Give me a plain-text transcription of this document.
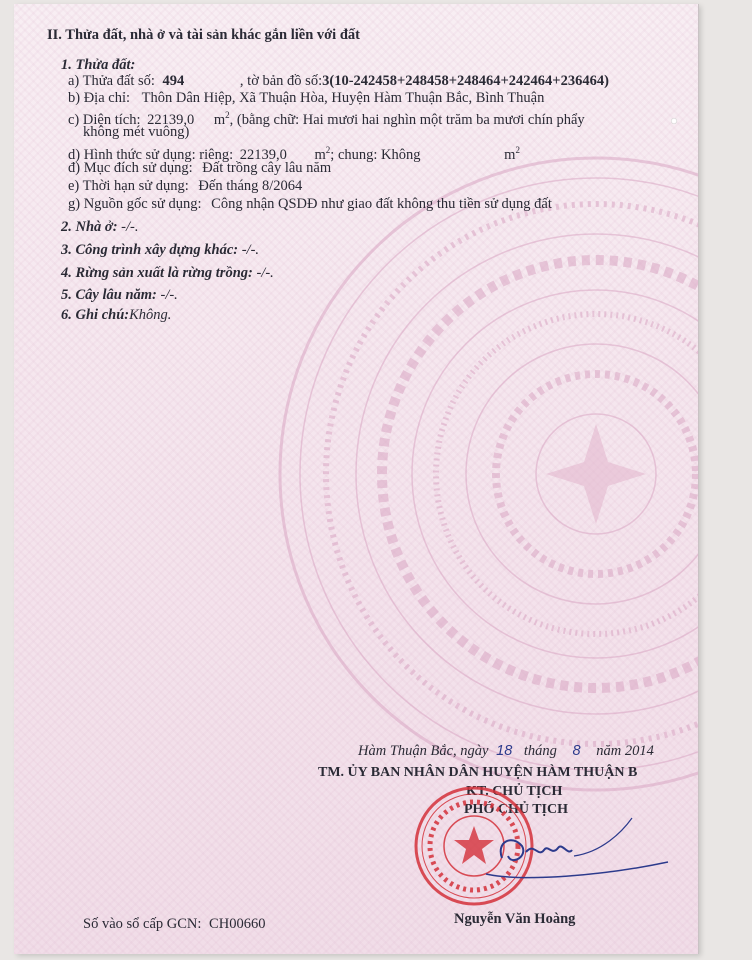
II. Thửa đất, nhà ở và tài sản khác gắn liền với đất
1. Thửa đất:
a) Thửa đất số: 494	, tờ bản đồ số:3(10-242458+248458+248464+242464+236464)
b) Địa chỉ: Thôn Dân Hiệp, Xã Thuận Hòa, Huyện Hàm Thuận Bắc, Bình Thuận
c) Diện tích: 22139,0 $m^2$, (bằng chữ: Hai mươi hai nghìn một trăm ba mươi chín phẩy
không mét vuông)
d) Hình thức sử dụng: riêng: 22139,0 $m^2$; chung: Không	$m^2$
đ) Mục đích sử dụng: Đất trồng cây lâu năm
e) Thời hạn sử dụng: Đến tháng 8/2064
g) Nguồn gốc sử dụng: Công nhận QSDĐ như giao đất không thu tiền sử dụng đất
2. Nhà ở: -/-.
3. Công trình xây dựng khác: -/-.
4. Rừng sản xuất là rừng trồng: -/-.
5. Cây lâu năm: -/-.
6. Ghi chú:Không.
Hàm Thuận Bắc, ngày 18 tháng 8 năm 2014
TM. ỦY BAN NHÂN DÂN HUYỆN HÀM THUẬN B
KT. CHỦ TỊCH
PHÓ CHỦ TỊCH
Nguyễn Văn Hoàng
Số vào sổ cấp GCN: CH00660
